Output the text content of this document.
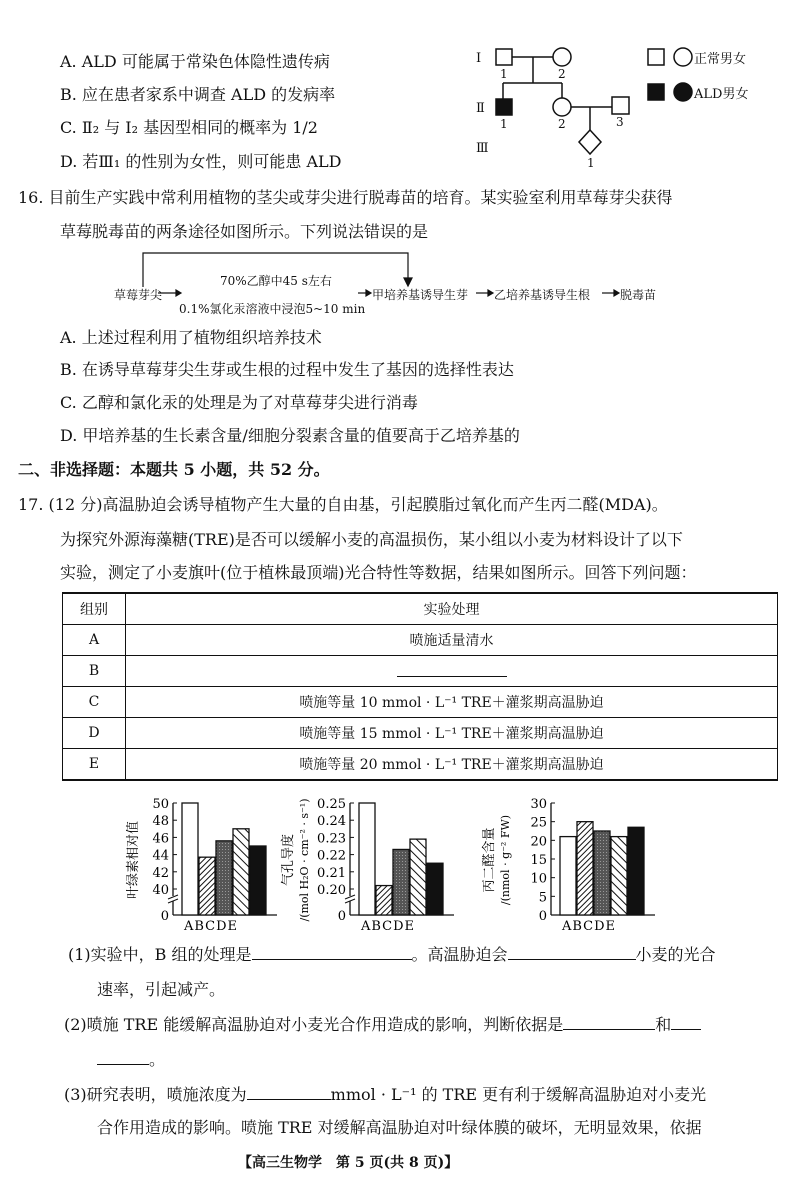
A. ALD 可能属于常染色体隐性遗传病
B. 应在患者家系中调查 ALD 的发病率
C. Ⅱ₂ 与 Ⅰ₂ 基因型相同的概率为 1/2
D. 若Ⅲ₁ 的性别为女性，则可能患 ALD
Ⅰ
Ⅱ
Ⅲ
1	2
1	2	3
1
正常男女
ALD男女
16. 目前生产实践中常利用植物的茎尖或芽尖进行脱毒苗的培育。某实验室利用草莓芽尖获得
草莓脱毒苗的两条途径如图所示。下列说法错误的是
草莓芽尖
70%乙醇中45 s左右
0.1%氯化汞溶液中浸泡5~10 min
甲培养基诱导生芽 乙培养基诱导生根 脱毒苗
A. 上述过程利用了植物组织培养技术
B. 在诱导草莓芽尖生芽或生根的过程中发生了基因的选择性表达
C. 乙醇和氯化汞的处理是为了对草莓芽尖进行消毒
D. 甲培养基的生长素含量/细胞分裂素含量的值要高于乙培养基的
二、非选择题：本题共 5 小题，共 52 分。
17. (12 分)高温胁迫会诱导植物产生大量的自由基，引起膜脂过氧化而产生丙二醛(MDA)。
为探究外源海藻糖(TRE)是否可以缓解小麦的高温损伤，某小组以小麦为材料设计了以下
实验，测定了小麦旗叶(位于植株最顶端)光合特性等数据，结果如图所示。回答下列问题：
组别	实验处理
A	喷施适量清水
B	
C	喷施等量 10 mmol · L⁻¹ TRE＋灌浆期高温胁迫
D	喷施等量 15 mmol · L⁻¹ TRE＋灌浆期高温胁迫
E	喷施等量 20 mmol · L⁻¹ TRE＋灌浆期高温胁迫
0
40
42
44
46
48
50
ABCDE
叶绿素相对值
0
0.20
0.21
0.22
0.23
0.24
0.25
ABCDE
气孔导度 /(mol H₂O · cm⁻² · s⁻¹)	0
5
10
15
20
25
30
ABCDE
丙二醛含量 /(nmol · g⁻² FW)
(1)实验中，B 组的处理是	。高温胁迫会	小麦的光合
速率，引起减产。
(2)喷施 TRE 能缓解高温胁迫对小麦光合作用造成的影响，判断依据是	和
。
(3)研究表明，喷施浓度为	mmol · L⁻¹ 的 TRE 更有利于缓解高温胁迫对小麦光
合作用造成的影响。喷施 TRE 对缓解高温胁迫对叶绿体膜的破坏，无明显效果，依据
【高三生物学　第 5 页(共 8 页)】
